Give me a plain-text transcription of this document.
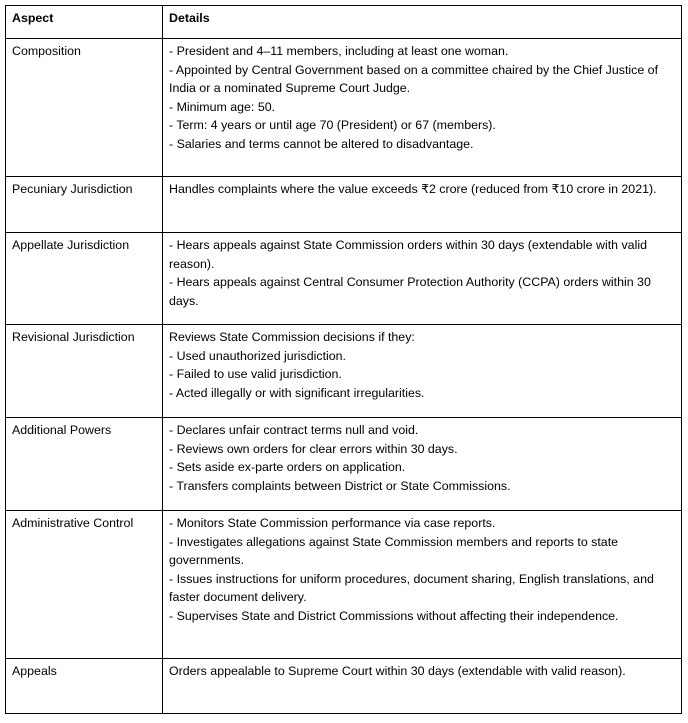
Aspect	Details
Composition	- President and 4–11 members, including at least one woman.
- Appointed by Central Government based on a committee chaired by the Chief Justice of India or a nominated Supreme Court Judge.
- Minimum age: 50.
- Term: 4 years or until age 70 (President) or 67 (members).
- Salaries and terms cannot be altered to disadvantage.

Pecuniary Jurisdiction	Handles complaints where the value exceeds ₹2 crore (reduced from ₹10 crore in 2021).

Appellate Jurisdiction	- Hears appeals against State Commission orders within 30 days (extendable with valid reason).
- Hears appeals against Central Consumer Protection Authority (CCPA) orders within 30 days.

Revisional Jurisdiction	Reviews State Commission decisions if they:
- Used unauthorized jurisdiction.
- Failed to use valid jurisdiction.
- Acted illegally or with significant irregularities.

Additional Powers	- Declares unfair contract terms null and void.
- Reviews own orders for clear errors within 30 days.
- Sets aside ex-parte orders on application.
- Transfers complaints between District or State Commissions.

Administrative Control	- Monitors State Commission performance via case reports.
- Investigates allegations against State Commission members and reports to state governments.
- Issues instructions for uniform procedures, document sharing, English translations, and faster document delivery.
- Supervises State and District Commissions without affecting their independence.

Appeals	Orders appealable to Supreme Court within 30 days (extendable with valid reason).
